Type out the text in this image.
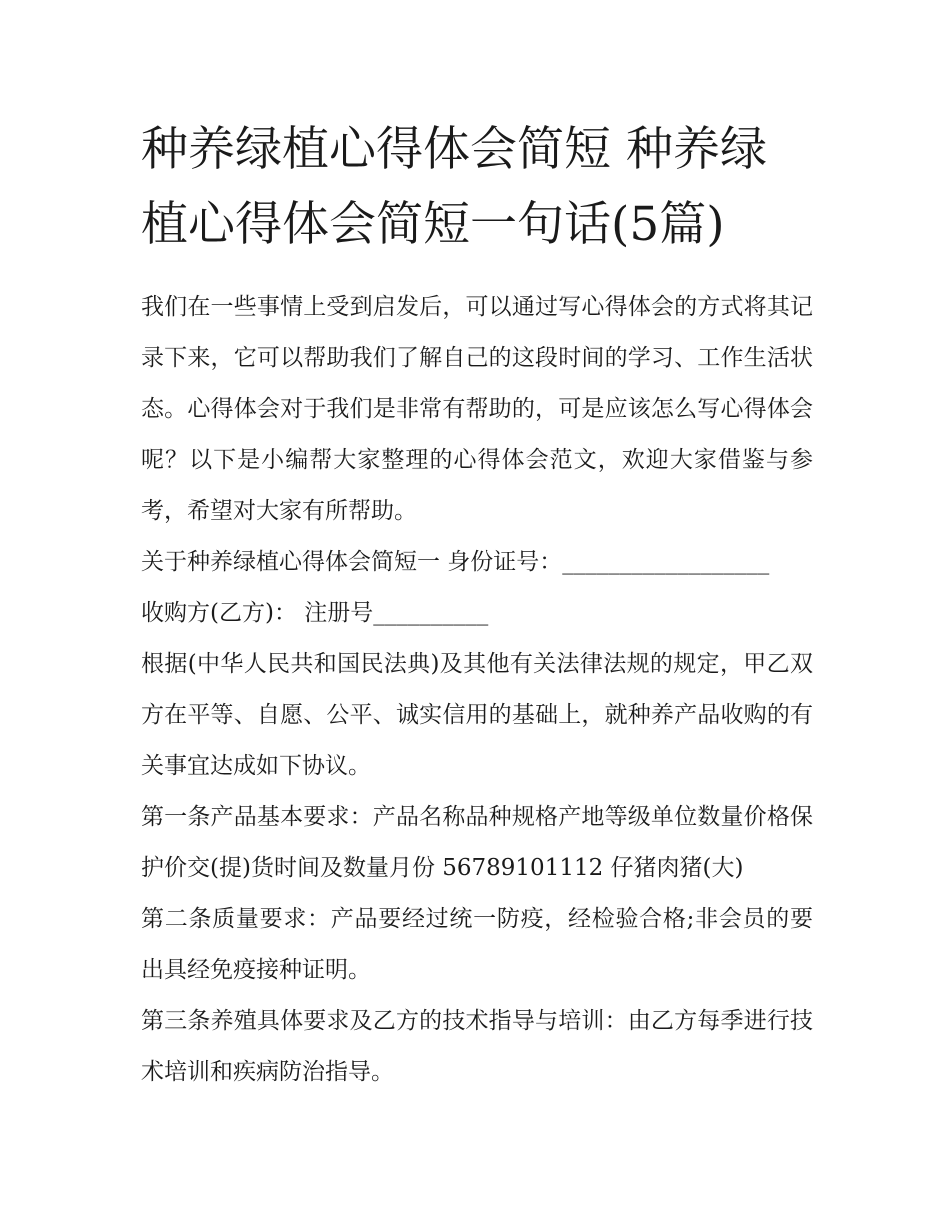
种养绿植心得体会简短 种养绿植心得体会简短一句话(5篇)

我们在一些事情上受到启发后，可以通过写心得体会的方式将其记录下来，它可以帮助我们了解自己的这段时间的学习、工作生活状态。心得体会对于我们是非常有帮助的，可是应该怎么写心得体会呢？以下是小编帮大家整理的心得体会范文，欢迎大家借鉴与参考，希望对大家有所帮助。

关于种养绿植心得体会简短一 身份证号：__________________

收购方(乙方)： 注册号__________

根据(中华人民共和国民法典)及其他有关法律法规的规定，甲乙双方在平等、自愿、公平、诚实信用的基础上，就种养产品收购的有关事宜达成如下协议。

第一条产品基本要求：产品名称品种规格产地等级单位数量价格保护价交(提)货时间及数量月份 56789101112 仔猪肉猪(大)

第二条质量要求：产品要经过统一防疫，经检验合格;非会员的要出具经免疫接种证明。

第三条养殖具体要求及乙方的技术指导与培训：由乙方每季进行技术培训和疾病防治指导。
